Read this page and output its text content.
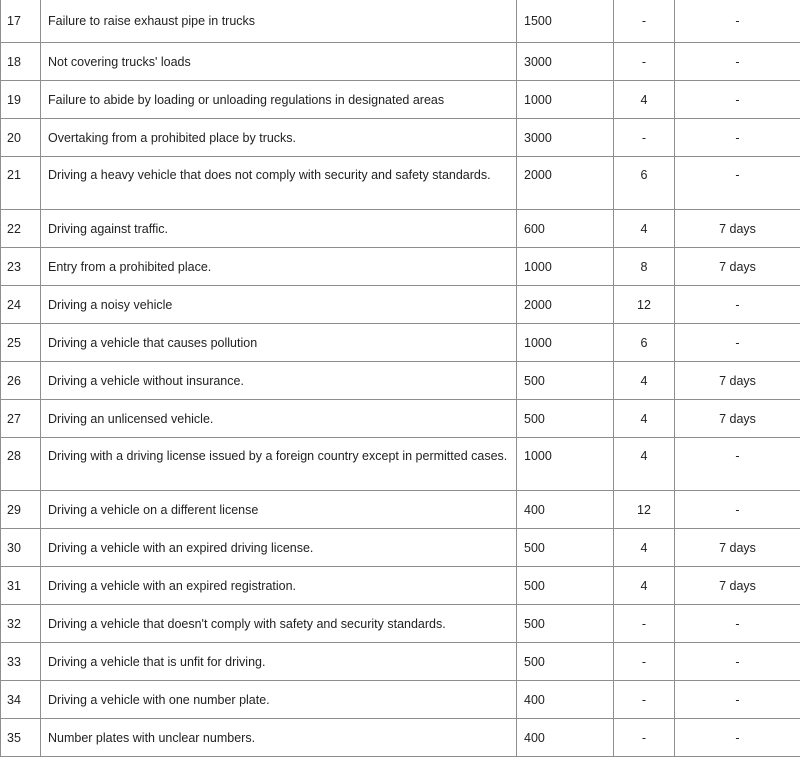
17	Failure to raise exhaust pipe in trucks	1500	-	-
18	Not covering trucks' loads	3000	-	-
19	Failure to abide by loading or unloading regulations in designated areas	1000	4	-
20	Overtaking from a prohibited place by trucks.	3000	-	-
21	Driving a heavy vehicle that does not comply with security and safety standards.	2000	6	-
22	Driving against traffic.	600	4	7 days
23	Entry from a prohibited place.	1000	8	7 days
24	Driving a noisy vehicle	2000	12	-
25	Driving a vehicle that causes pollution	1000	6	-
26	Driving a vehicle without insurance.	500	4	7 days
27	Driving an unlicensed vehicle.	500	4	7 days
28	Driving with a driving license issued by a foreign country except in permitted cases.	1000	4	-
29	Driving a vehicle on a different license	400	12	-
30	Driving a vehicle with an expired driving license.	500	4	7 days
31	Driving a vehicle with an expired registration.	500	4	7 days
32	Driving a vehicle that doesn't comply with safety and security standards.	500	-	-
33	Driving a vehicle that is unfit for driving.	500	-	-
34	Driving a vehicle with one number plate.	400	-	-
35	Number plates with unclear numbers.	400	-	-
